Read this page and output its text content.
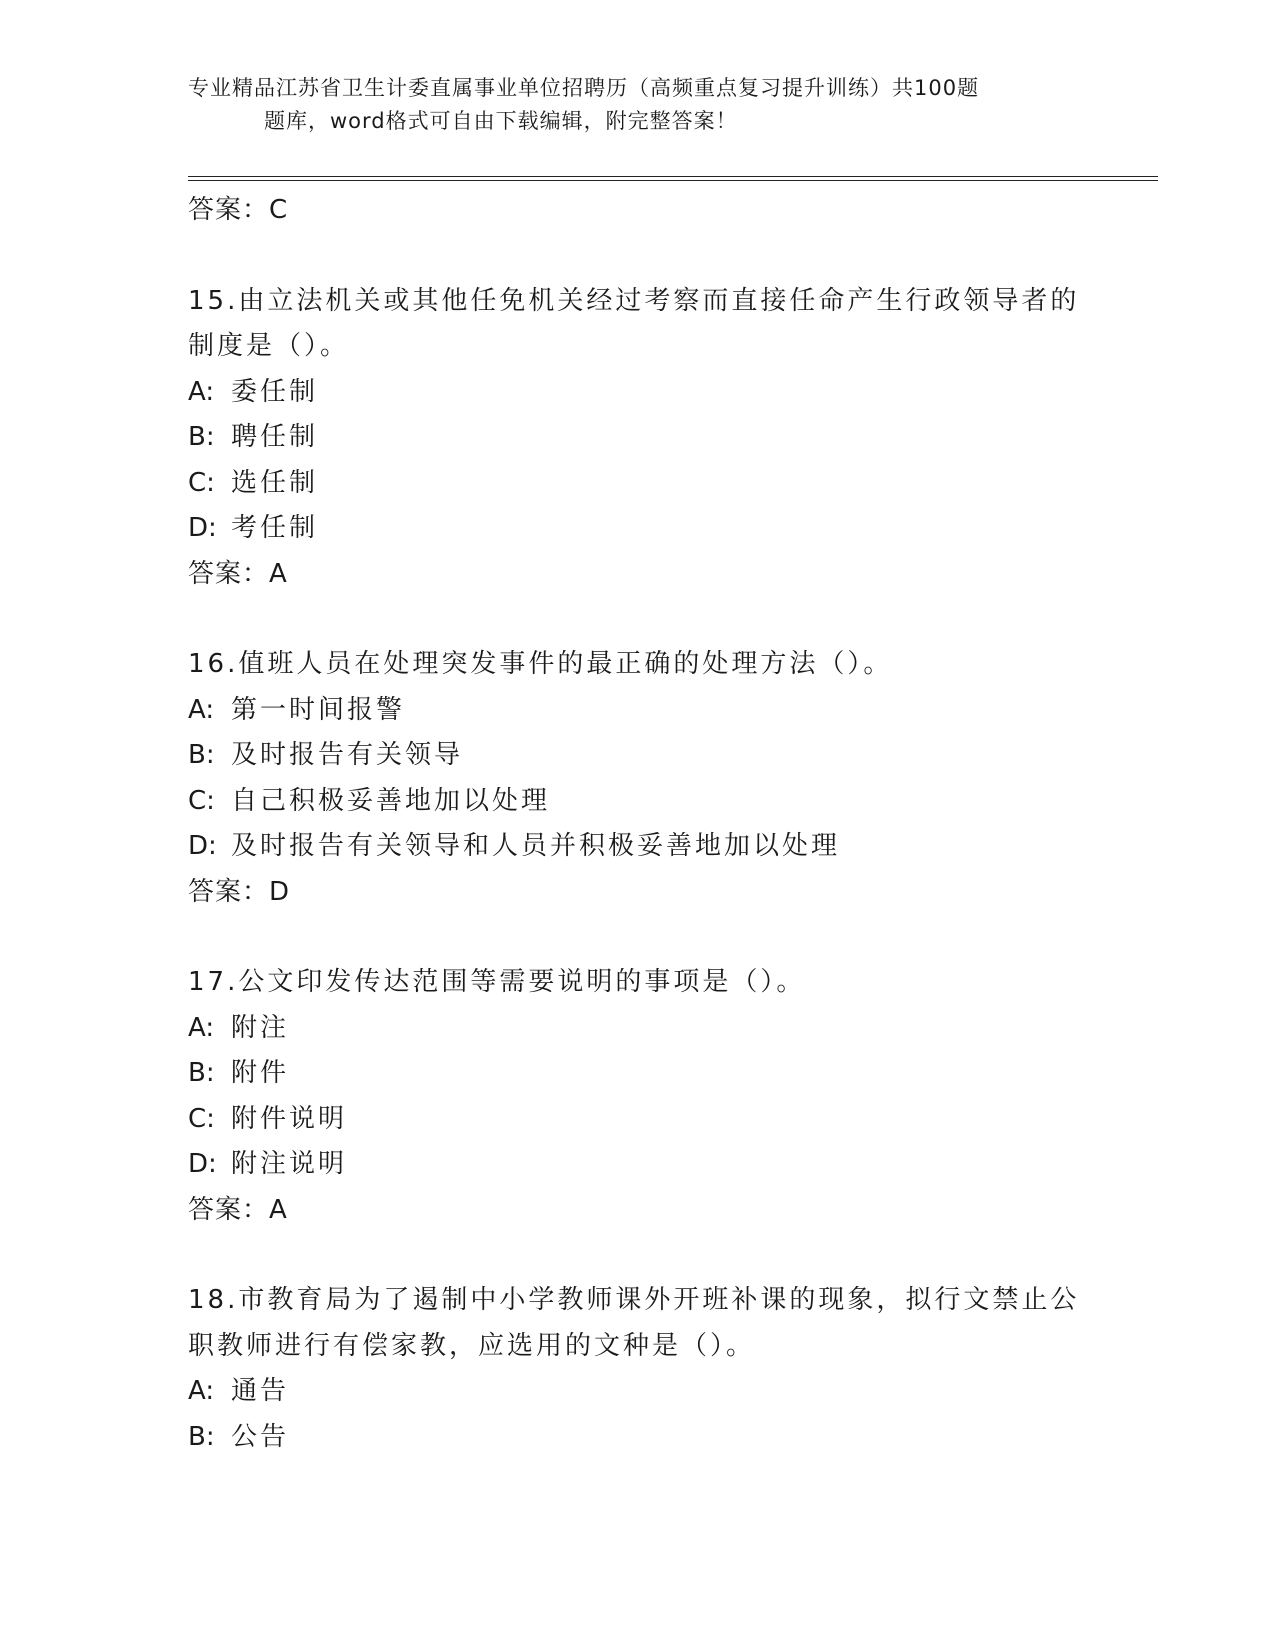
专业精品江苏省卫生计委直属事业单位招聘历（高频重点复习提升训练）共100题
题库，word格式可自由下载编辑，附完整答案！
答案：C
15.由立法机关或其他任免机关经过考察而直接任命产生行政领导者的制度是（）。
A: 委任制
B: 聘任制
C: 选任制
D: 考任制
答案：A
16.值班人员在处理突发事件的最正确的处理方法（）。
A: 第一时间报警
B: 及时报告有关领导
C: 自己积极妥善地加以处理
D: 及时报告有关领导和人员并积极妥善地加以处理
答案：D
17.公文印发传达范围等需要说明的事项是（）。
A: 附注
B: 附件
C: 附件说明
D: 附注说明
答案：A
18.市教育局为了遏制中小学教师课外开班补课的现象，拟行文禁止公职教师进行有偿家教，应选用的文种是（）。
A: 通告
B: 公告
